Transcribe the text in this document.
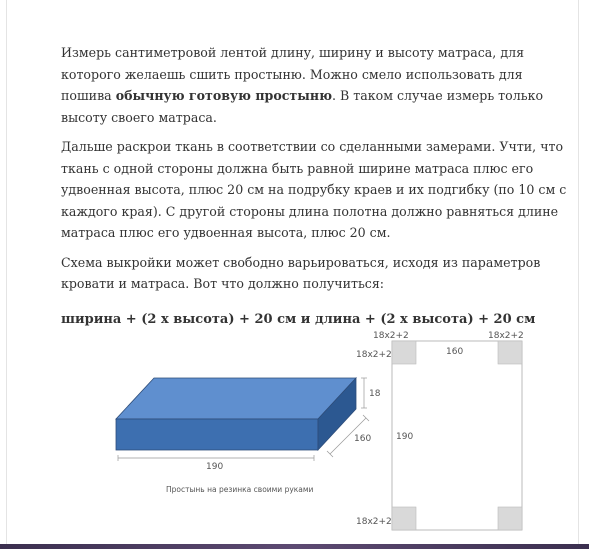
Измерь сантиметровой лентой длину, ширину и высоту матраса, для которого желаешь сшить простыню. Можно смело использовать для пошива обычную готовую простыню. В таком случае измерь только высоту своего матраса.

Дальше раскрои ткань в соответствии со сделанными замерами. Учти, что ткань с одной стороны должна быть равной ширине матраса плюс его удвоенная высота, плюс 20 см на подрубку краев и их подгибку (по 10 см с каждого края). С другой стороны длина полотна должно равняться длине матраса плюс его удвоенная высота, плюс 20 см.

Схема выкройки может свободно варьироваться, исходя из параметров кровати и матраса. Вот что должно получиться:

ширина + (2 х высота) + 20 см и длина + (2 х высота) + 20 см

190
160
18
Простынь на резинка своими руками
18x2+2	18x2+2
18x2+2
18x2+2
160
190
